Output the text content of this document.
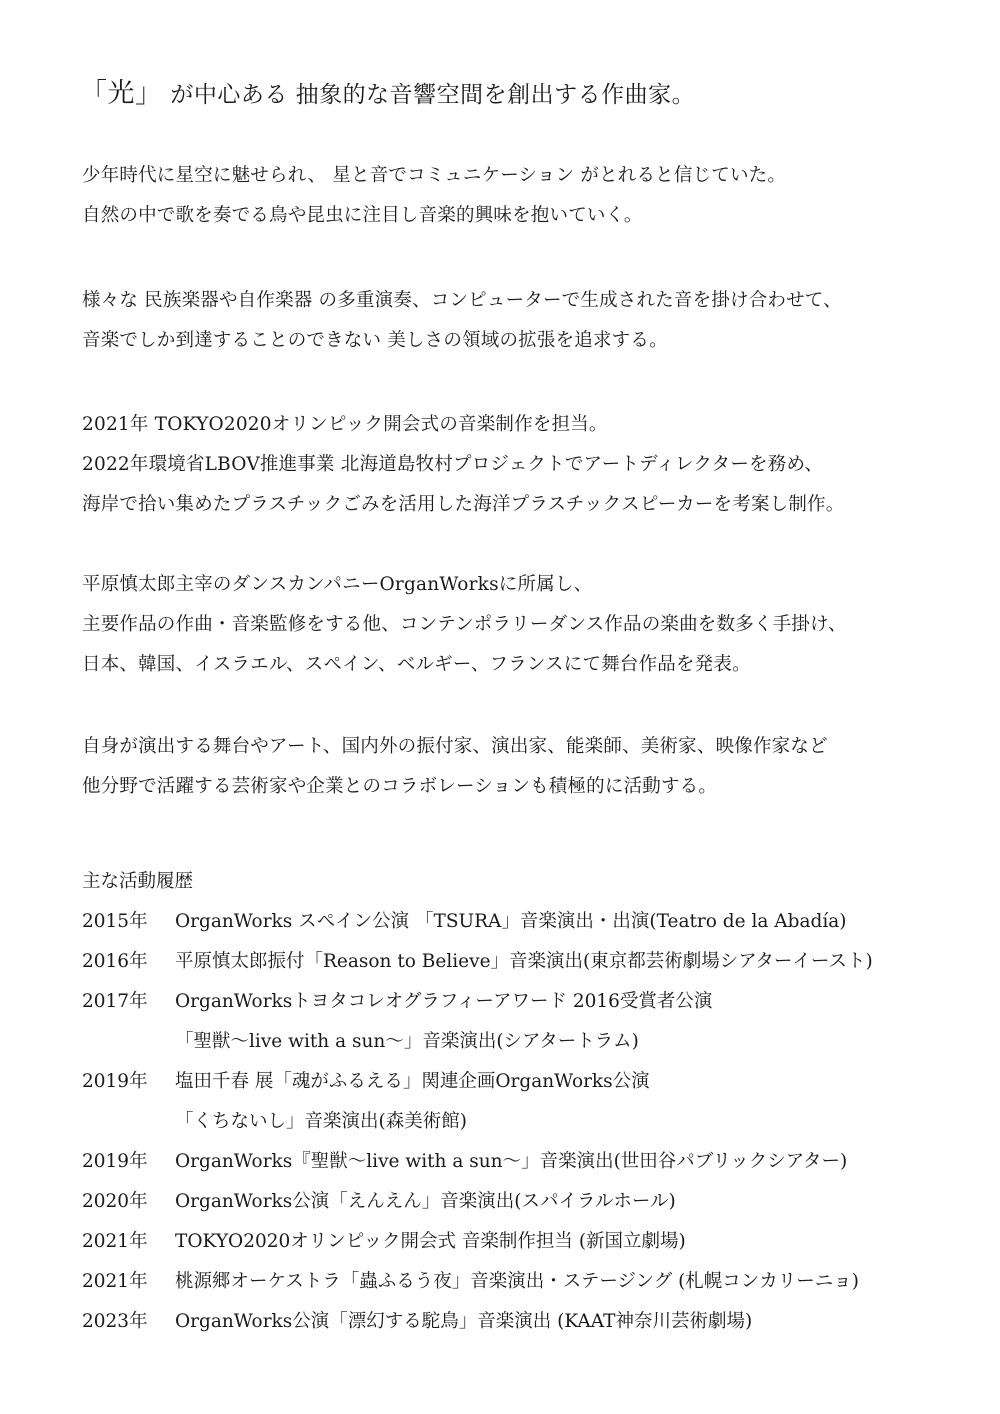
「光」 が中心ある 抽象的な音響空間を創出する作曲家。
少年時代に星空に魅せられ、 星と音でコミュニケーション がとれると信じていた。
自然の中で歌を奏でる鳥や昆虫に注目し音楽的興味を抱いていく。
様々な 民族楽器や自作楽器 の多重演奏、コンピューターで生成された音を掛け合わせて、
音楽でしか到達することのできない 美しさの領域の拡張を追求する。
2021年 TOKYO2020オリンピック開会式の音楽制作を担当。
2022年環境省LBOV推進事業 北海道島牧村プロジェクトでアートディレクターを務め、
海岸で拾い集めたプラスチックごみを活用した海洋プラスチックスピーカーを考案し制作。
平原慎太郎主宰のダンスカンパニーOrganWorksに所属し、
主要作品の作曲・音楽監修をする他、コンテンポラリーダンス作品の楽曲を数多く手掛け、
日本、韓国、イスラエル、スペイン、ベルギー、フランスにて舞台作品を発表。
自身が演出する舞台やアート、国内外の振付家、演出家、能楽師、美術家、映像作家など
他分野で活躍する芸術家や企業とのコラボレーションも積極的に活動する。
主な活動履歴
2015年 OrganWorks スペイン公演 「TSURA」音楽演出・出演(Teatro de la Abadía)
2016年 平原慎太郎振付「Reason to Believe」音楽演出(東京都芸術劇場シアターイースト)
2017年 OrganWorksトヨタコレオグラフィーアワード 2016受賞者公演
「聖獣〜live with a sun〜」音楽演出(シアタートラム)
2019年 塩田千春 展「魂がふるえる」関連企画OrganWorks公演
「くちないし」音楽演出(森美術館)
2019年 OrganWorks『聖獣〜live with a sun〜」音楽演出(世田谷パブリックシアター)
2020年 OrganWorks公演「えんえん」音楽演出(スパイラルホール)
2021年 TOKYO2020オリンピック開会式 音楽制作担当 (新国立劇場)
2021年 桃源郷オーケストラ「蟲ふるう夜」音楽演出・ステージング (札幌コンカリーニョ)
2023年 OrganWorks公演「漂幻する駝鳥」音楽演出 (KAAT神奈川芸術劇場)
